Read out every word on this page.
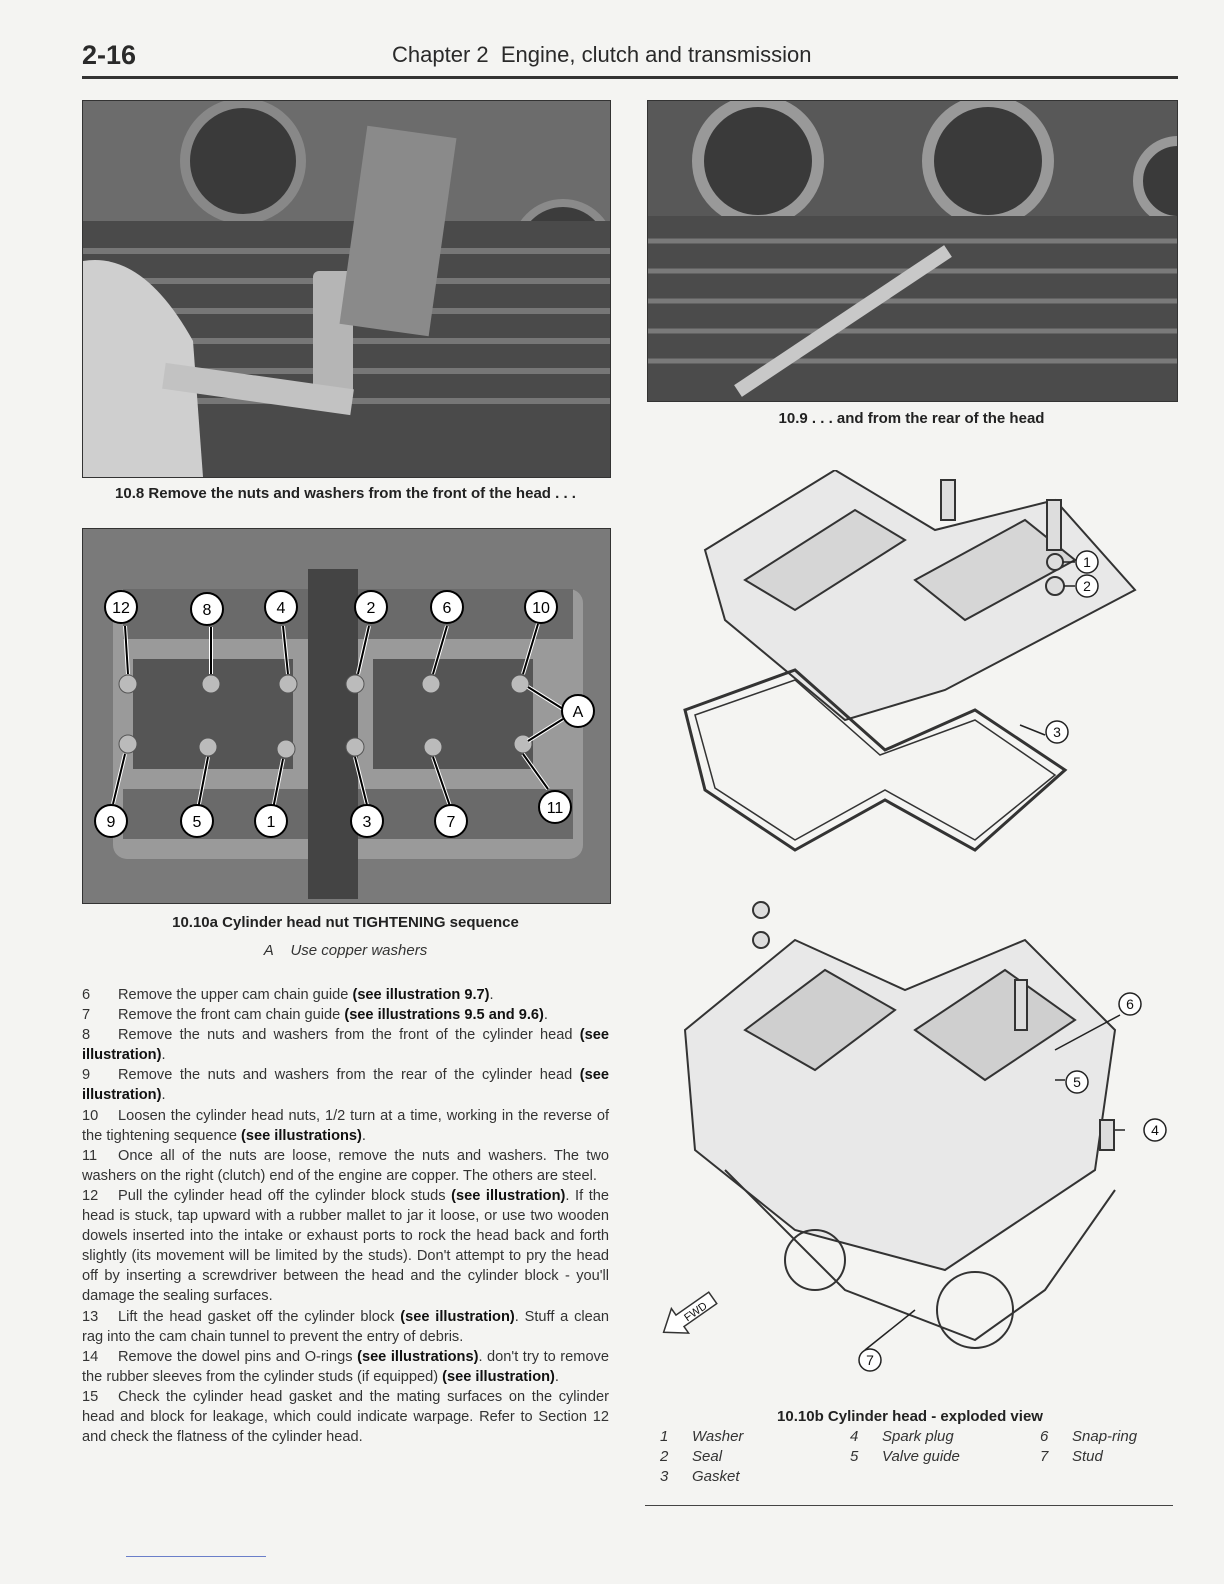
2-16	Chapter 2 Engine, clutch and transmission
10.8 Remove the nuts and washers from the front of the head . . .
10.9 . . . and from the rear of the head
12	8	4	2	6	10
A
9	5	1	3	7
11
10.10a Cylinder head nut TIGHTENING sequence
A Use copper washers
1
2
3
4
5
6
7
FWD
10.10b Cylinder head - exploded view
1	Washer	4	Spark plug	6	Snap-ring
2	Seal	5	Valve guide	7	Stud
3	Gasket

6 Remove the upper cam chain guide (see illustration 9.7).

7 Remove the front cam chain guide (see illustrations 9.5 and 9.6).

8 Remove the nuts and washers from the front of the cylinder head (see illustration).

9 Remove the nuts and washers from the rear of the cylinder head (see illustration).

10 Loosen the cylinder head nuts, 1/2 turn at a time, working in the reverse of the tightening sequence (see illustrations).

11 Once all of the nuts are loose, remove the nuts and washers. The two washers on the right (clutch) end of the engine are copper. The others are steel.

12 Pull the cylinder head off the cylinder block studs (see illustration). If the head is stuck, tap upward with a rubber mallet to jar it loose, or use two wooden dowels inserted into the intake or exhaust ports to rock the head back and forth slightly (its movement will be limited by the studs). Don't attempt to pry the head off by inserting a screwdriver between the head and the cylinder block - you'll damage the sealing surfaces.

13 Lift the head gasket off the cylinder block (see illustration). Stuff a clean rag into the cam chain tunnel to prevent the entry of debris.

14 Remove the dowel pins and O-rings (see illustrations). don't try to remove the rubber sleeves from the cylinder studs (if equipped) (see illustration).

15 Check the cylinder head gasket and the mating surfaces on the cylinder head and block for leakage, which could indicate warpage. Refer to Section 12 and check the flatness of the cylinder head.
